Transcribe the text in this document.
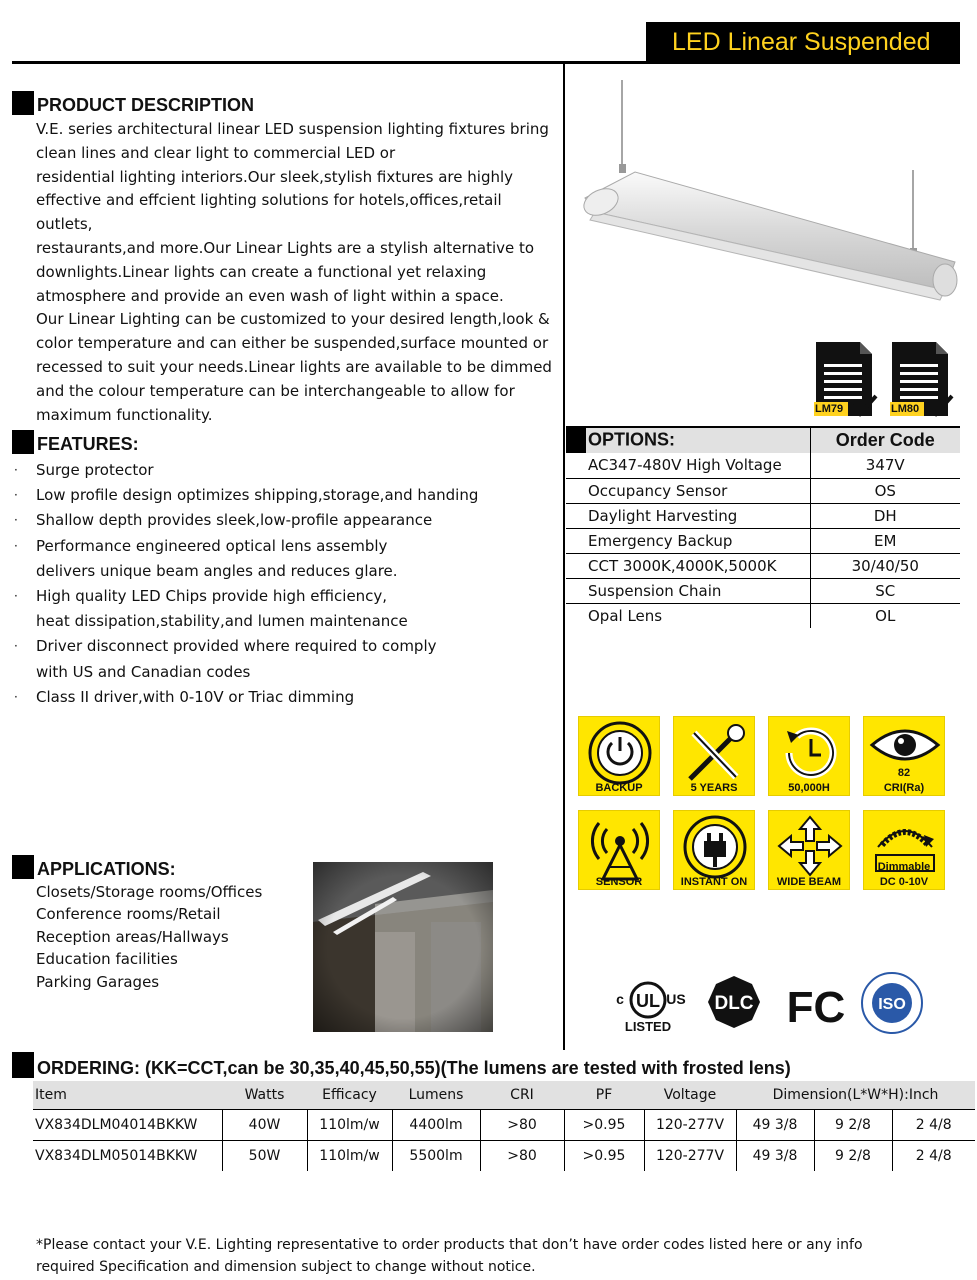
LED Linear Suspended
PRODUCT DESCRIPTION
V.E. series architectural linear LED suspension lighting fixtures bring
clean lines and clear light to commercial LED or
residential lighting interiors.Our sleek,stylish fixtures are highly
effective and effcient lighting solutions for hotels,offices,retail outlets,
restaurants,and more.Our Linear Lights are a stylish alternative to
downlights.Linear lights can create a functional yet relaxing
atmosphere and provide an even wash of light within a space.
Our Linear Lighting can be customized to your desired length,look &
color temperature and can either be suspended,surface mounted or
recessed to suit your needs.Linear lights are available to be dimmed
and the colour temperature can be interchangeable to allow for
maximum functionality.
FEATURES:
·	Surge protector
·	Low profile design optimizes shipping,storage,and handing
·	Shallow depth provides sleek,low-profile appearance
·	Performance engineered optical lens assembly
delivers unique beam angles and reduces glare.
·	High quality LED Chips provide high efficiency,
heat dissipation,stability,and lumen maintenance
·	Driver disconnect provided where required to comply
with US and Canadian codes
·	Class II driver,with 0-10V or Triac dimming
APPLICATIONS:
Closets/Storage rooms/Offices
Conference rooms/Retail
Reception areas/Hallways
Education facilities
Parking Garages
LM79	LM80
OPTIONS:	Order Code
AC347-480V High Voltage	347V
Occupancy Sensor	OS
Daylight Harvesting	DH
Emergency Backup	EM
CCT 3000K,4000K,5000K	30/40/50
Suspension Chain	SC
Opal Lens	OL
BACKUP	5 YEARS	50,000H
82
CRI(Ra)
SENSOR	INSTANT ON	WIDE BEAM
Dimmable
DC 0-10V
UL
c	US
LISTED
DLC FC ISO
ORDERING: (KK=CCT,can be 30,35,40,45,50,55)(The lumens are tested with frosted lens)
Item	Watts	Efficacy	Lumens	CRI	PF	Voltage	Dimension(L*W*H):Inch		
VX834DLM04014BKKW	40W	110lm/w	4400lm	>80	>0.95	120-277V	49 3/8	9 2/8	2 4/8
VX834DLM05014BKKW	50W	110lm/w	5500lm	>80	>0.95	120-277V	49 3/8	9 2/8	2 4/8
*Please contact your V.E. Lighting representative to order products that don’t have order codes listed here or any info
required Specification and dimension subject to change without notice.
